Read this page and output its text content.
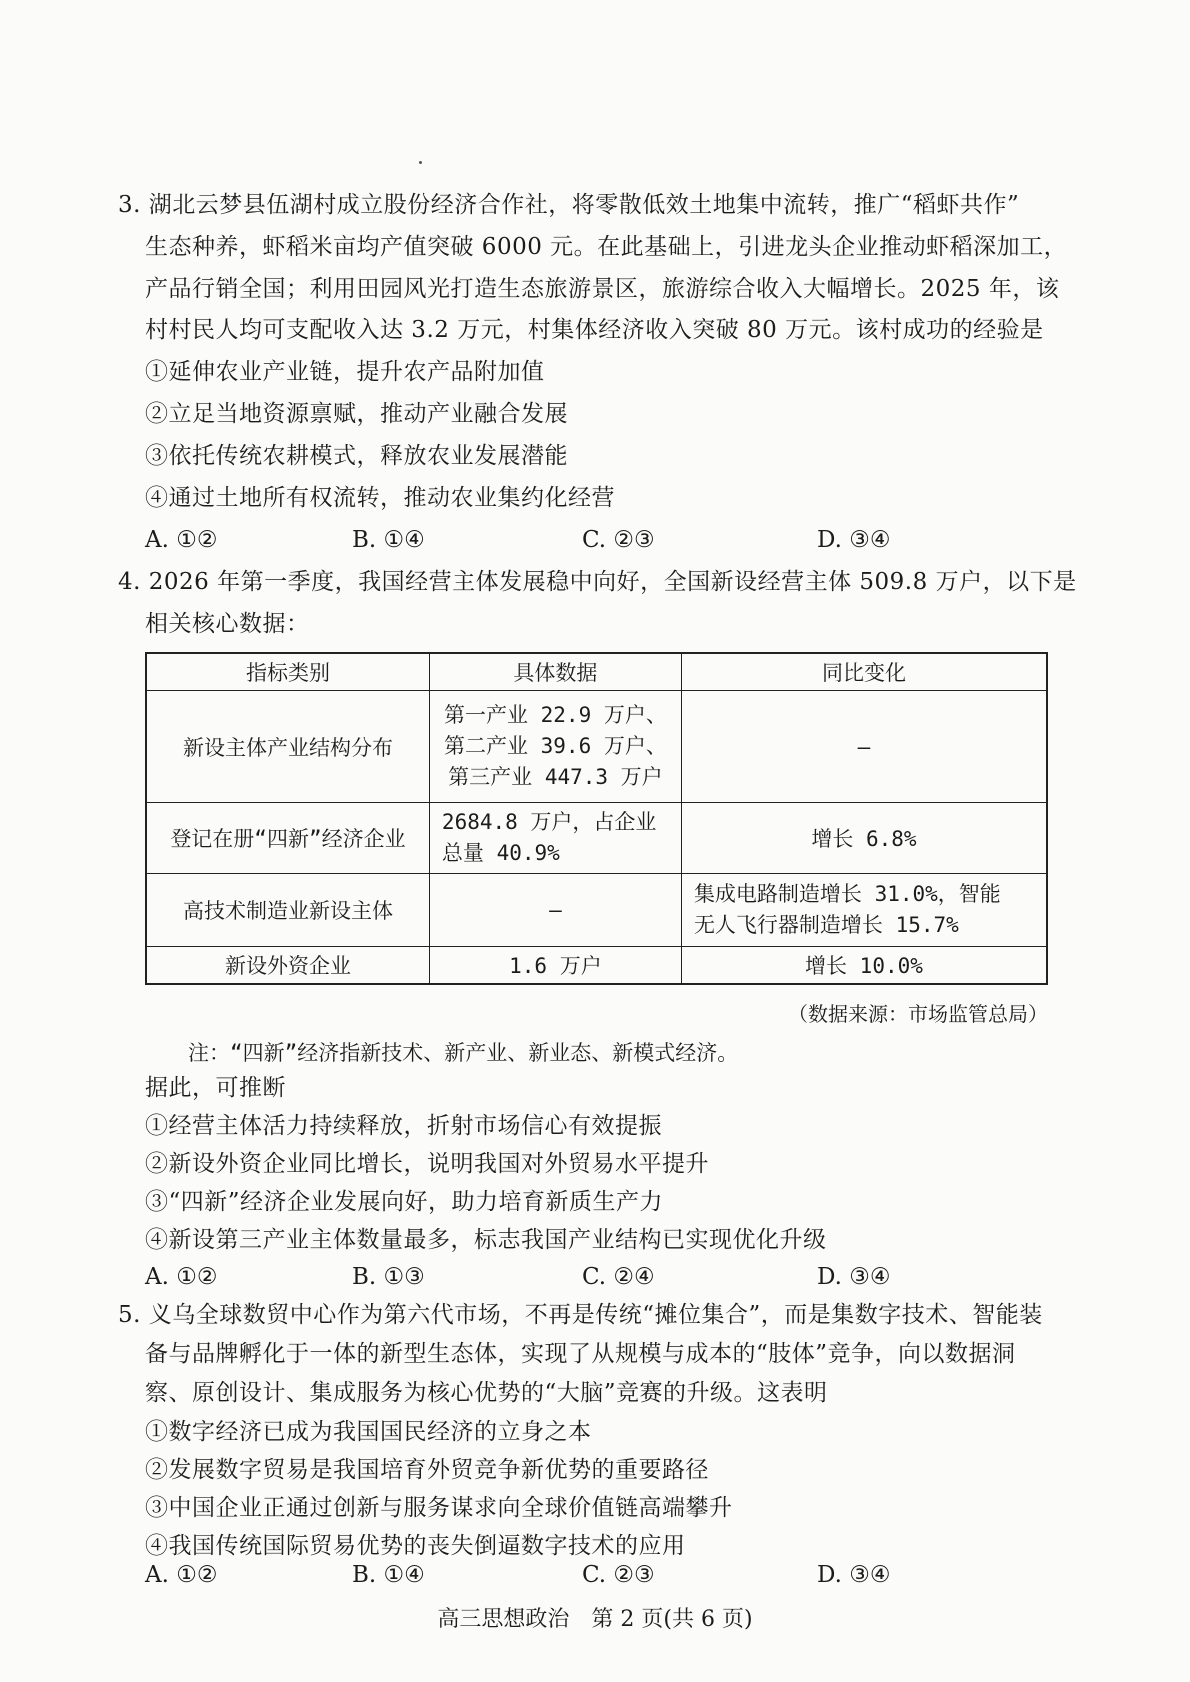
3. 湖北云梦县伍湖村成立股份经济合作社，将零散低效土地集中流转，推广“稻虾共作”
生态种养，虾稻米亩均产值突破 6000 元。在此基础上，引进龙头企业推动虾稻深加工，
产品行销全国；利用田园风光打造生态旅游景区，旅游综合收入大幅增长。2025 年，该
村村民人均可支配收入达 3.2 万元，村集体经济收入突破 80 万元。该村成功的经验是
①延伸农业产业链，提升农产品附加值
②立足当地资源禀赋，推动产业融合发展
③依托传统农耕模式，释放农业发展潜能
④通过土地所有权流转，推动农业集约化经营
A. ①②	B. ①④	C. ②③	D. ③④
4. 2026 年第一季度，我国经营主体发展稳中向好，全国新设经营主体 509.8 万户，以下是
相关核心数据：
指标类别	具体数据	同比变化
新设主体产业结构分布	第一产业 22.9 万户、
第二产业 39.6 万户、
第三产业 447.3 万户	—
登记在册“四新”经济企业	2684.8 万户，占企业
总量 40.9%	增长 6.8%
高技术制造业新设主体	—	集成电路制造增长 31.0%，智能
无人飞行器制造增长 15.7%

新设外资企业	1.6 万户	增长 10.0%
（数据来源：市场监管总局）
注：“四新”经济指新技术、新产业、新业态、新模式经济。
据此，可推断
①经营主体活力持续释放，折射市场信心有效提振
②新设外资企业同比增长，说明我国对外贸易水平提升
③“四新”经济企业发展向好，助力培育新质生产力
④新设第三产业主体数量最多，标志我国产业结构已实现优化升级
A. ①②	B. ①③	C. ②④	D. ③④
5. 义乌全球数贸中心作为第六代市场，不再是传统“摊位集合”，而是集数字技术、智能装
备与品牌孵化于一体的新型生态体，实现了从规模与成本的“肢体”竞争，向以数据洞
察、原创设计、集成服务为核心优势的“大脑”竞赛的升级。这表明
①数字经济已成为我国国民经济的立身之本
②发展数字贸易是我国培育外贸竞争新优势的重要路径
③中国企业正通过创新与服务谋求向全球价值链高端攀升
④我国传统国际贸易优势的丧失倒逼数字技术的应用
A. ①②	B. ①④	C. ②③	D. ③④
高三思想政治　第 2 页(共 6 页)
